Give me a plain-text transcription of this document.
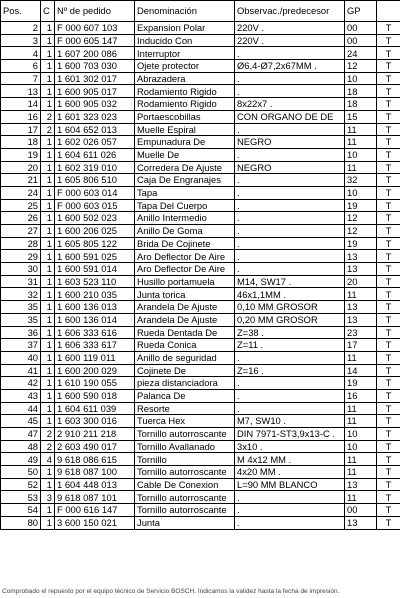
Pos.	C	Nº de pedido	Denominación	Observac./predecesor	GP	
2	1	F 000 607 103	Expansion Polar	220V .	00	T
3	1	F 000 605 147	Inducido Con	220V .	00	T
4	1	1 607 200 086	Interruptor	.	24	T
6	1	1 600 703 030	Ojete protector	Ø6,4-Ø7,2x67MM .	12	T
7	1	1 601 302 017	Abrazadera	.	10	T
13	1	1 600 905 017	Rodamiento Rigido	.	18	T
14	1	1 600 905 032	Rodamiento Rigido	8x22x7 .	18	T
16	2	1 601 323 023	Portaescobillas	CON ORGANO DE DE	15	T
17	2	1 604 652 013	Muelle Espiral	.	11	T
18	1	1 602 026 057	Empunadura De	NEGRO	11	T
19	1	1 604 611 026	Muelle De	.	10	T
20	1	1 602 319 010	Corredera De Ajuste	NEGRO	11	T
21	1	1 605 806 510	Caja De Engranajes	.	32	T
24	1	F 000 603 014	Tapa	.	10	T
25	1	F 000 603 015	Tapa Del Cuerpo	.	19	T
26	1	1 600 502 023	Anillo Intermedio	.	12	T
27	1	1 600 206 025	Anillo De Goma	.	12	T
28	1	1 605 805 122	Brida De Cojinete	.	19	T
29	1	1 600 591 025	Aro Deflector De Aire	.	13	T
30	1	1 600 591 014	Aro Deflector De Aire	.	13	T
31	1	1 603 523 110	Husillo portamuela	M14, SW17 .	20	T
32	1	1 600 210 035	Junta torica	46x1,1MM .	11	T
35	1	1 600 136 013	Arandela De Ajuste	0,10 MM GROSOR	13	T
35	1	1 600 136 014	Arandela De Ajuste	0,20 MM GROSOR	13	T
36	1	1 606 333 616	Rueda Dentada De	Z=38 .	23	T
37	1	1 606 333 617	Rueda Conica	Z=11 .	17	T
40	1	1 600 119 011	Anillo de seguridad	.	11	T
41	1	1 600 200 029	Cojinete De	Z=16 .	14	T
42	1	1 610 190 055	pieza distanciadora	.	19	T
43	1	1 600 590 018	Palanca De	.	16	T
44	1	1 604 611 039	Resorte	.	11	T
45	1	1 603 300 016	Tuerca Hex	M7, SW10 .	11	T
47	2	2 910 211 218	Tornillo autorroscante	DIN 7971-ST3,9x13-C .	10	T
48	2	2 603 490 017	Tornillo Avallanado	3x10 .	10	T
49	4	9 618 086 615	Tornillo	M 4x12 MM .	11	T
50	1	9 618 087 100	Tornillo autorroscante	4x20 MM .	11	T
52	1	1 604 448 013	Cable De Conexion	L=90 MM BLANCO	13	T
53	3	9 618 087 101	Tornillo autorroscante	.	11	T
54	1	F 000 616 147	Tornillo autorroscante	.	00	T
80	1	3 600 150 021	Junta	.	13	T
Comprobado el repuesto por el equipo técnico de Servicio BOSCH. Indicamos la validez hasta la fecha de impresión.
